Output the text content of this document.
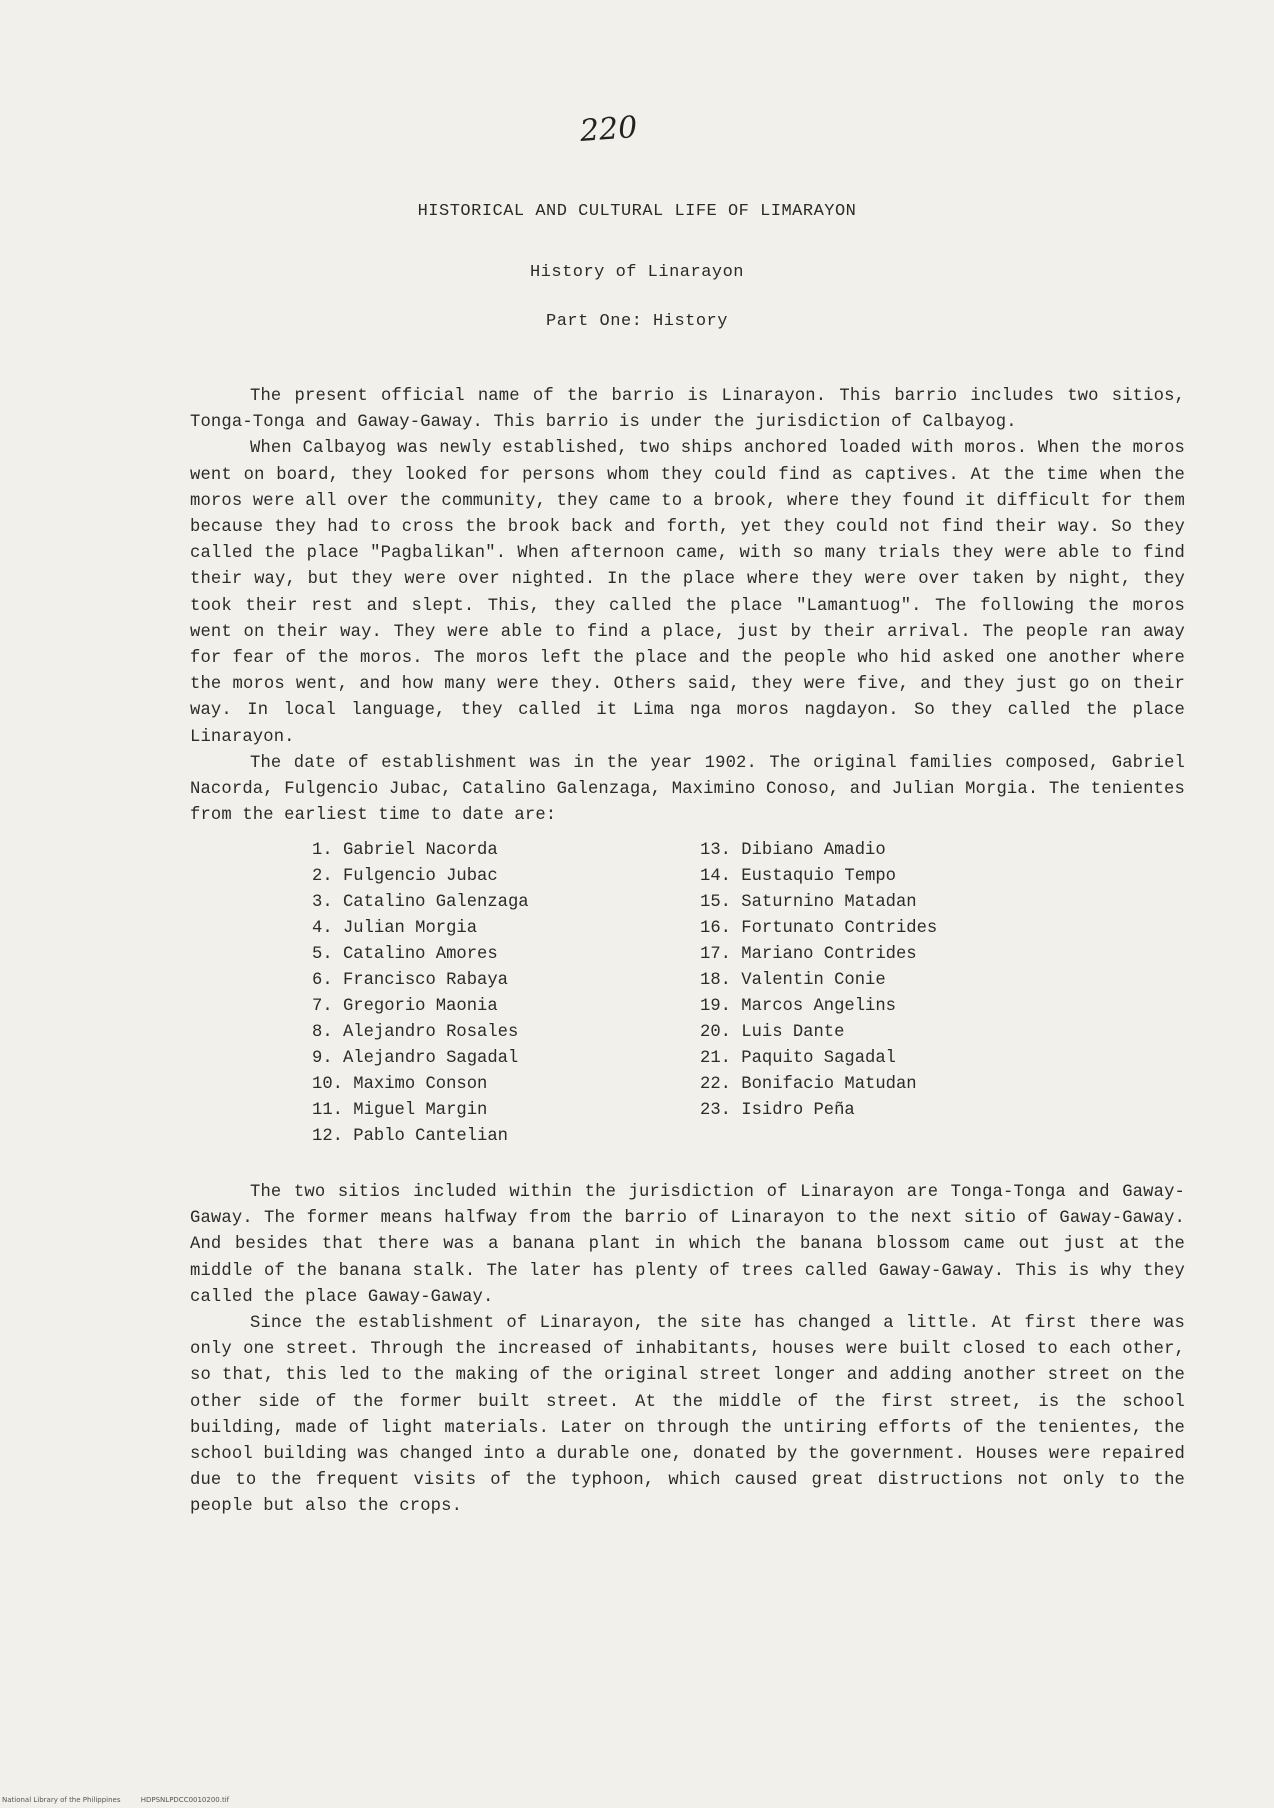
220
HISTORICAL AND CULTURAL LIFE OF LIMARAYON
History of Linarayon
Part One: History

The present official name of the barrio is Linarayon. This barrio includes two sitios, Tonga-Tonga and Gaway-Gaway. This barrio is under the jurisdiction of Calbayog.

When Calbayog was newly established, two ships anchored loaded with moros. When the moros went on board, they looked for persons whom they could find as captives. At the time when the moros were all over the community, they came to a brook, where they found it difficult for them because they had to cross the brook back and forth, yet they could not find their way. So they called the place "Pagbalikan". When afternoon came, with so many trials they were able to find their way, but they were over nighted. In the place where they were over taken by night, they took their rest and slept. This, they called the place "Lamantuog". The following the moros went on their way. They were able to find a place, just by their arrival. The people ran away for fear of the moros. The moros left the place and the people who hid asked one another where the moros went, and how many were they. Others said, they were five, and they just go on their way. In local language, they called it Lima nga moros nagdayon. So they called the place Linarayon.

The date of establishment was in the year 1902. The original families composed, Gabriel Nacorda, Fulgencio Jubac, Catalino Galenzaga, Maximino Conoso, and Julian Morgia. The tenientes from the earliest time to date are:

1. Gabriel Nacorda
2. Fulgencio Jubac
3. Catalino Galenzaga
4. Julian Morgia
5. Catalino Amores
6. Francisco Rabaya
7. Gregorio Maonia
8. Alejandro Rosales
9. Alejandro Sagadal
10. Maximo Conson
11. Miguel Margin
12. Pablo Cantelian
13. Dibiano Amadio
14. Eustaquio Tempo
15. Saturnino Matadan
16. Fortunato Contrides
17. Mariano Contrides
18. Valentin Conie
19. Marcos Angelins
20. Luis Dante
21. Paquito Sagadal
22. Bonifacio Matudan
23. Isidro Peña

The two sitios included within the jurisdiction of Linarayon are Tonga-Tonga and Gaway-Gaway. The former means halfway from the barrio of Linarayon to the next sitio of Gaway-Gaway. And besides that there was a banana plant in which the banana blossom came out just at the middle of the banana stalk. The later has plenty of trees called Gaway-Gaway. This is why they called the place Gaway-Gaway.

Since the establishment of Linarayon, the site has changed a little. At first there was only one street. Through the increased of inhabitants, houses were built closed to each other, so that, this led to the making of the original street longer and adding another street on the other side of the former built street. At the middle of the first street, is the school building, made of light materials. Later on through the untiring efforts of the tenientes, the school building was changed into a durable one, donated by the government. Houses were repaired due to the frequent visits of the typhoon, which caused great distructions not only to the people but also the crops.

National Library of the Philippines	HDPSNLPDCC0010200.tif
